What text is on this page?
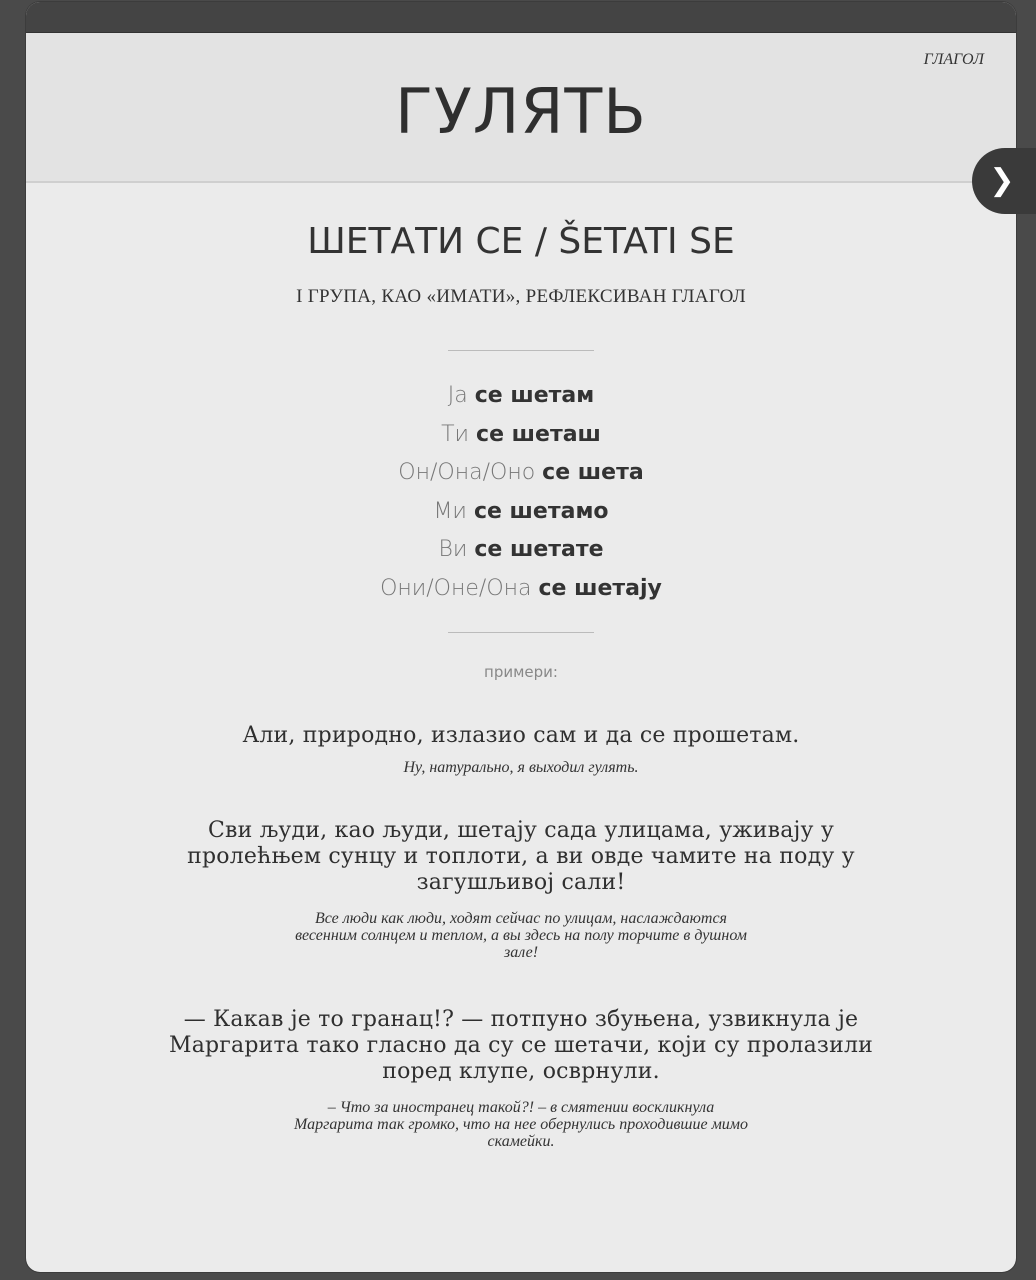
ГЛАГОЛ
ГУЛЯТЬ
ШЕТАТИ СЕ / ŠETATI SE
I ГРУПА, КАО «ИМАТИ», РЕФЛЕКСИВАН ГЛАГОЛ
Ја се шетам
Ти се шеташ
Он/Она/Оно се шета
Ми се шетамо
Ви се шетате
Они/Оне/Она се шетају
примери:
Али, природно, излазио сам и да се прошетам.
Ну, натурально, я выходил гулять.
Сви људи, као људи, шетају сада улицама, уживају у пролећњем сунцу и топлоти, а ви овде чамите на поду у загушљивој сали!
Все люди как люди, ходят сейчас по улицам, наслаждаются весенним солнцем и теплом, а вы здесь на полу торчите в душном зале!
— Какав је то гранац!? — потпуно збуњена, узвикнула је Маргарита тако гласно да су се шетачи, који су пролазили поред клупе, осврнули.
– Что за иностранец такой?! – в смятении воскликнула Маргарита так громко, что на нее обернулись проходившие мимо скамейки.
❯
